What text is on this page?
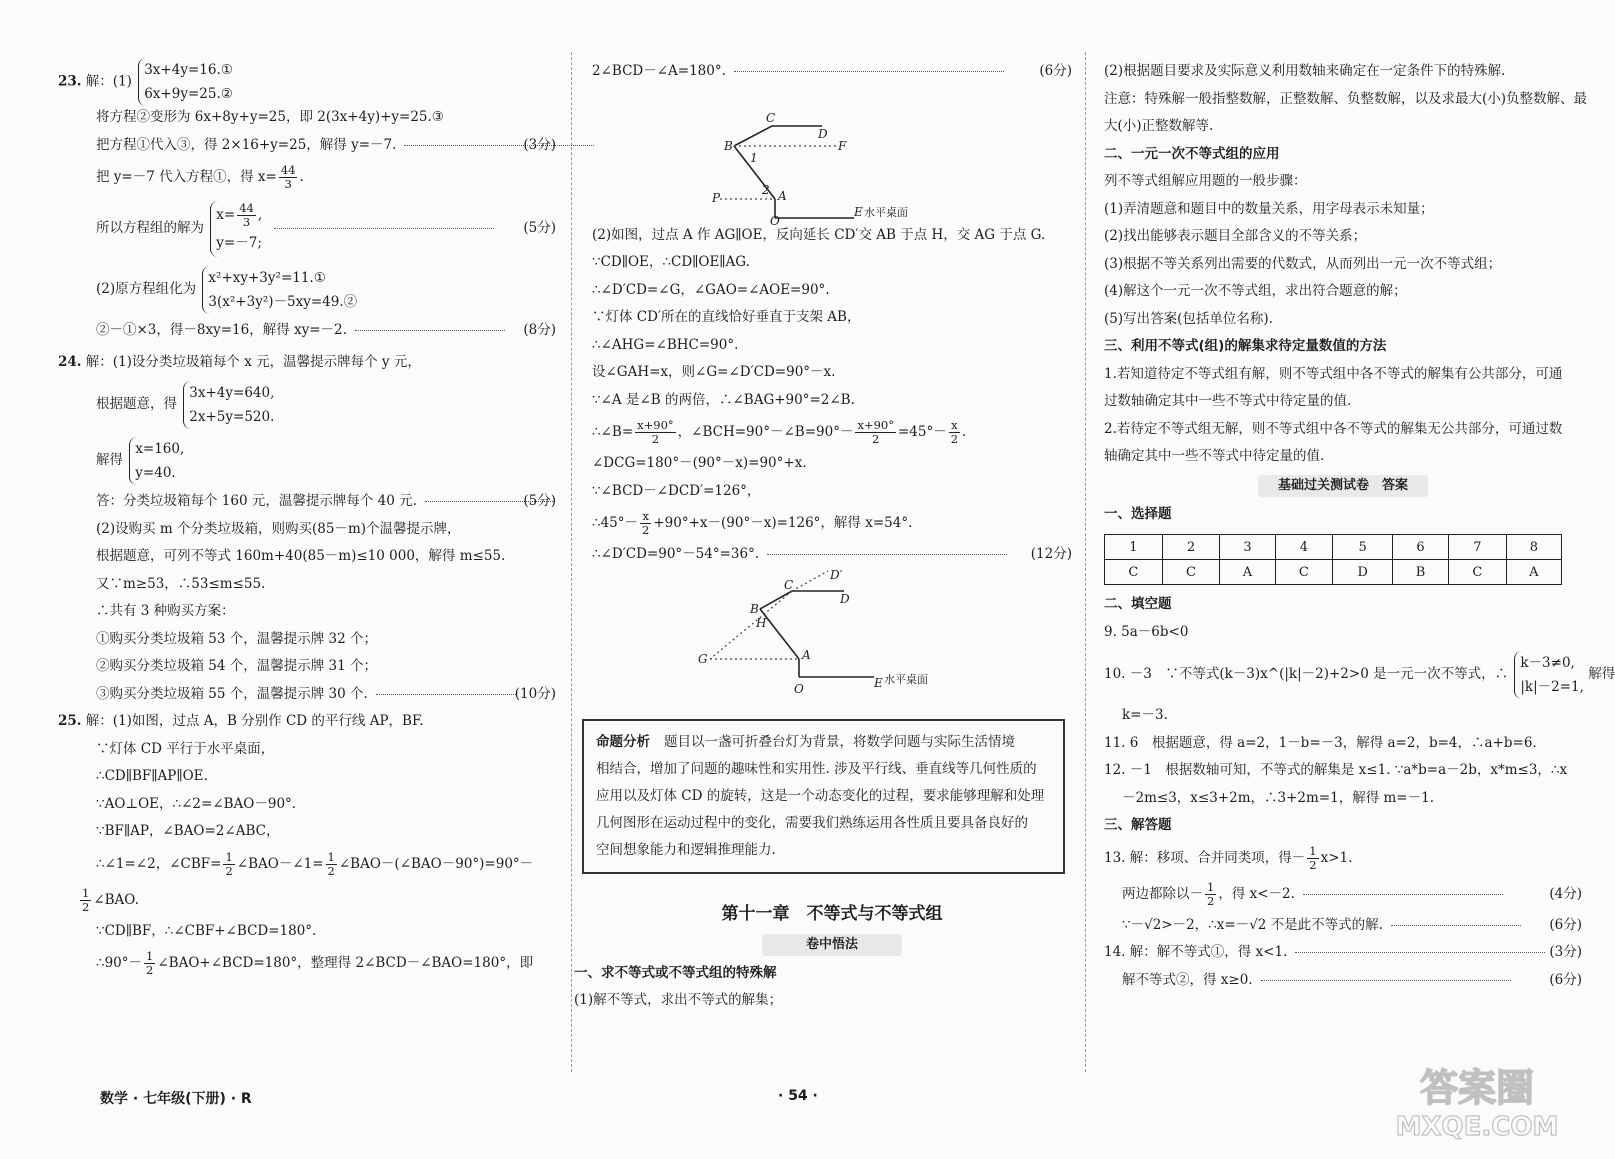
23. 解：(1)
3x+4y=16.①
6x+9y=25.②
将方程②变形为 6x+8y+y=25，即 2(3x+4y)+y=25.③
把方程①代入③，得 2×16+y=25，解得 y=－7.	(3分)
把 y=－7 代入方程①，得 $x= \frac{44}{3}$ .
所以方程组的解为
$x= \frac{44}{3}$ ,
y=－7;

(5分)
(2)原方程组化为
x²+xy+3y²=11.①
3(x²+3y²)－5xy=49.②
②－①×3，得－8xy=16，解得 xy=－2.	(8分)
24. 解：(1)设分类垃圾箱每个 x 元，温馨提示牌每个 y 元，
根据题意，得
3x+4y=640,
2x+5y=520.
解得
x=160,
y=40.
答：分类垃圾箱每个 160 元，温馨提示牌每个 40 元.	(5分)
(2)设购买 m 个分类垃圾箱，则购买(85－m)个温馨提示牌，
根据题意，可列不等式 160m+40(85－m)≤10 000，解得 m≤55.
又∵m≥53，∴53≤m≤55.
∴共有 3 种购买方案：
①购买分类垃圾箱 53 个，温馨提示牌 32 个；
②购买分类垃圾箱 54 个，温馨提示牌 31 个；
③购买分类垃圾箱 55 个，温馨提示牌 30 个.	(10分)
25. 解：(1)如图，过点 A，B 分别作 CD 的平行线 AP，BF.
∵灯体 CD 平行于水平桌面，
∴CD∥BF∥AP∥OE.
∵AO⊥OE，∴∠2=∠BAO－90°.
∵BF∥AP，∠BAO=2∠ABC，
∴∠1=∠2，∠CBF= $\frac{1}{2}$ ∠BAO－∠1= $\frac{1}{2}$ ∠BAO－(∠BAO－90°)=90°－
$\frac{1}{2}$ ∠BAO.
∵CD∥BF，∴∠CBF+∠BCD=180°.
∴90°－ $\frac{1}{2}$ ∠BAO+∠BCD=180°，整理得 2∠BCD－∠BAO=180°，即
2∠BCD－∠A=180°.	(6分)
C
D
B	F
1
2 A
P
O
E 水平桌面
(2)如图，过点 A 作 AG∥OE，反向延长 CD′交 AB 于点 H，交 AG 于点 G.
∵CD∥OE，∴CD∥OE∥AG.
∴∠D′CD=∠G，∠GAO=∠AOE=90°.
∵灯体 CD′所在的直线恰好垂直于支架 AB，
∴∠AHG=∠BHC=90°.
设∠GAH=x，则∠G=∠D′CD=90°－x.
∵∠A 是∠B 的两倍，∴∠BAG+90°=2∠B.
∴∠B= $\frac{x+90^\circ}{2}$ ，∠BCH=90°－∠B=90°－ $\frac{x+90^\circ}{2} =45^\circ- \frac{x}{2}$ .
∠DCG=180°－(90°－x)=90°+x.
∵∠BCD－∠DCD′=126°，
∴45°－ $\frac{x}{2} +90^\circ+x-(90^\circ-x)=126^\circ$，解得 x=54°.
∴∠D′CD=90°－54°=36°.	(12分)
D′
C
D
B
H
G	A
O	E 水平桌面
命题分析 题目以一盏可折叠台灯为背景，将数学问题与实际生活情境
相结合，增加了问题的趣味性和实用性. 涉及平行线、垂直线等几何性质的
应用以及灯体 CD 的旋转，这是一个动态变化的过程，要求能够理解和处理
几何图形在运动过程中的变化，需要我们熟练运用各性质且要具备良好的
空间想象能力和逻辑推理能力.
第十一章　不等式与不等式组
卷中悟法
一、求不等式或不等式组的特殊解
(1)解不等式，求出不等式的解集；
(2)根据题目要求及实际意义利用数轴来确定在一定条件下的特殊解.
注意：特殊解一般指整数解，正整数解、负整数解，以及求最大(小)负整数解、最
大(小)正整数解等.
二、一元一次不等式组的应用
列不等式组解应用题的一般步骤：
(1)弄清题意和题目中的数量关系，用字母表示未知量；
(2)找出能够表示题目全部含义的不等关系；
(3)根据不等关系列出需要的代数式，从而列出一元一次不等式组；
(4)解这个一元一次不等式组，求出符合题意的解；
(5)写出答案(包括单位名称).
三、利用不等式(组)的解集求待定量数值的方法
1.若知道待定不等式组有解，则不等式组中各不等式的解集有公共部分，可通
过数轴确定其中一些不等式中待定量的值.
2.若待定不等式组无解，则不等式组中各不等式的解集无公共部分，可通过数
轴确定其中一些不等式中待定量的值.
基础过关测试卷　答案
一、选择题
1	2	3	4	5	6	7	8
C	C	A	C	D	B	C	A
二、填空题
9. 5a－6b<0
10. －3　∵不等式(k－3)x^(|k|－2)+2>0 是一元一次不等式，∴
k－3≠0,
|k|－2=1,
解得
k=－3.
11. 6　根据题意，得 a=2，1－b=－3，解得 a=2，b=4，∴a+b=6.
12. －1　根据数轴可知，不等式的解集是 x≤1. ∵a*b=a－2b，x*m≤3，∴x
－2m≤3，x≤3+2m，∴3+2m=1，解得 m=－1.
三、解答题
13. 解：移项、合并同类项，得－ $\frac{1}{2} x>1$.
两边都除以－ $\frac{1}{2}$ ，得 x<－2.	(4分)
∵－√2>－2，∴x=－√2 不是此不等式的解.	(6分)
14. 解：解不等式①，得 x<1.	(3分)
解不等式②，得 x≥0.	(6分)
数学 · 七年级(下册) · R	· 54 ·	答案圈
MXQE.COM
